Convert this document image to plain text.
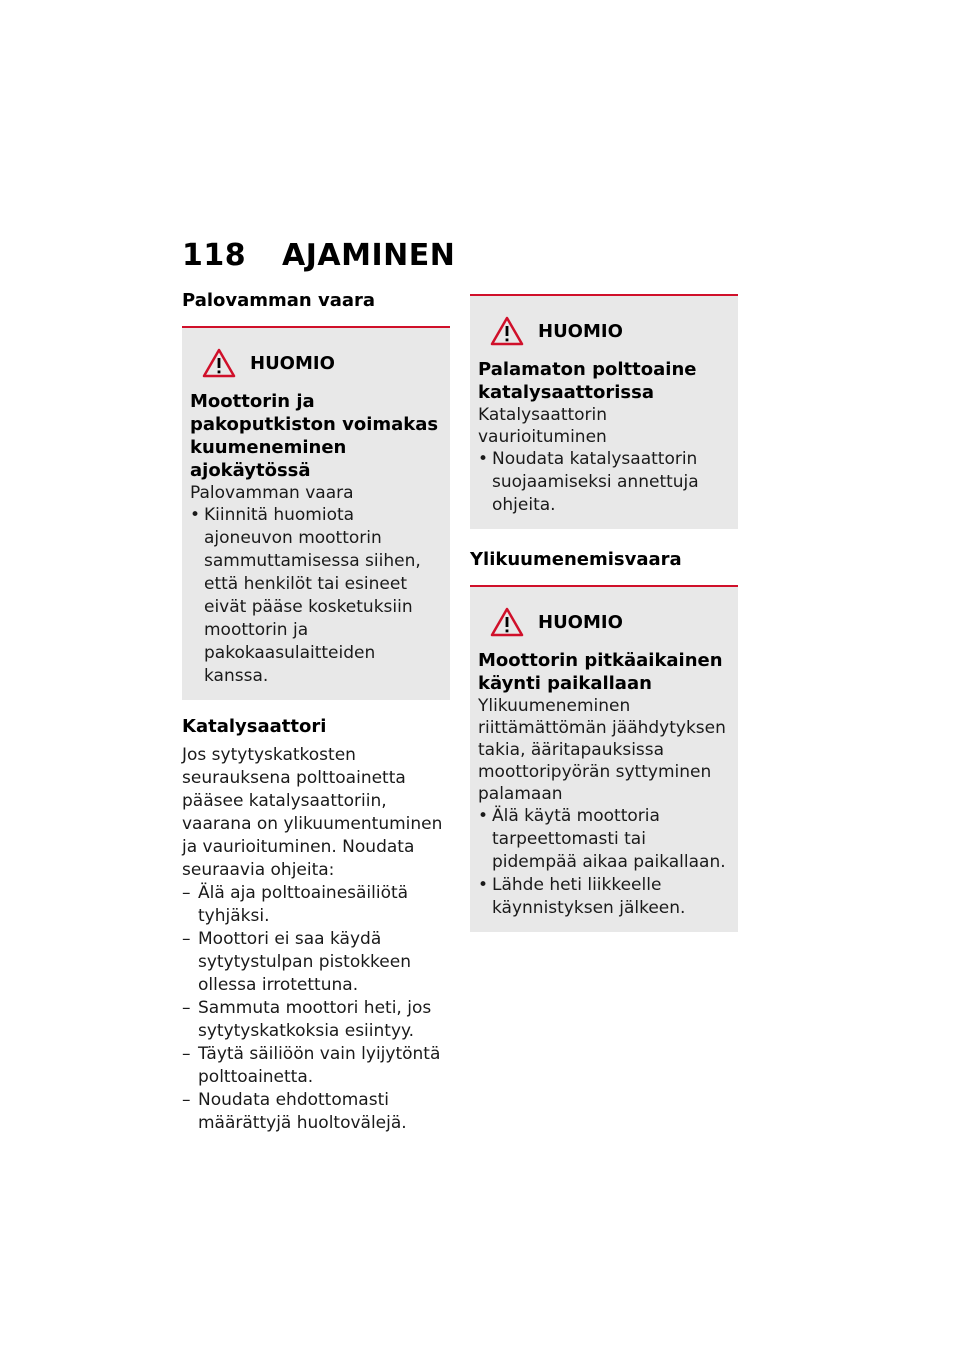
118 AJAMINEN
Palovamman vaara
HUOMIO
Moottorin ja pakoputkiston voimakas kuumeneminen ajokäytössä
Palovamman vaara
• Kiinnitä huomiota ajoneuvon moottorin sammuttamisessa siihen, että henkilöt tai esineet eivät pääse kosketuksiin moottorin ja pakokaasulaitteiden kanssa.
Katalysaattori

Jos sytytyskatkosten seurauksena polttoainetta pääsee katalysaattoriin, vaarana on ylikuumentuminen ja vaurioituminen. Noudata seuraavia ohjeita:

– Älä aja polttoainesäiliötä tyhjäksi.
– Moottori ei saa käydä sytytystulpan pistokkeen ollessa irrotettuna.
– Sammuta moottori heti, jos sytytyskatkoksia esiintyy.
– Täytä säiliöön vain lyijytöntä polttoainetta.
– Noudata ehdottomasti määrättyjä huoltovälejä.
HUOMIO
Palamaton polttoaine katalysaattorissa
Katalysaattorin vaurioituminen
• Noudata katalysaattorin suojaamiseksi annettuja ohjeita.
Ylikuumenemisvaara
HUOMIO
Moottorin pitkäaikainen käynti paikallaan
Ylikuumeneminen riittämättömän jäähdytyksen takia, ääritapauksissa moottoripyörän syttyminen palamaan
• Älä käytä moottoria tarpeettomasti tai pidempää aikaa paikallaan.
• Lähde heti liikkeelle käynnistyksen jälkeen.
